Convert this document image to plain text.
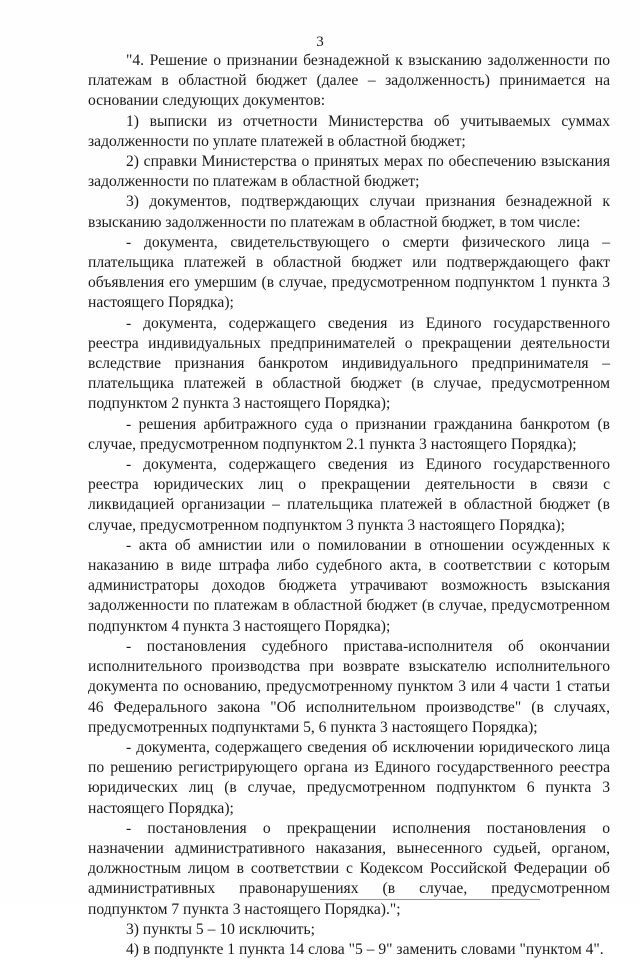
3

"4. Решение о признании безнадежной к взысканию задолженности по платежам в областной бюджет (далее – задолженность) принимается на основании следующих документов:

1) выписки из отчетности Министерства об учитываемых суммах задолженности по уплате платежей в областной бюджет;

2) справки Министерства о принятых мерах по обеспечению взыскания задолженности по платежам в областной бюджет;

3) документов, подтверждающих случаи признания безнадежной к взысканию задолженности по платежам в областной бюджет, в том числе:

- документа, свидетельствующего о смерти физического лица – плательщика платежей в областной бюджет или подтверждающего факт объявления его умершим (в случае, предусмотренном подпунктом 1 пункта 3 настоящего Порядка);

- документа, содержащего сведения из Единого государственного реестра индивидуальных предпринимателей о прекращении деятельности вследствие признания банкротом индивидуального предпринимателя – плательщика платежей в областной бюджет (в случае, предусмотренном подпунктом 2 пункта 3 настоящего Порядка);

- решения арбитражного суда о признании гражданина банкротом (в случае, предусмотренном подпунктом 2.1 пункта 3 настоящего Порядка);

- документа, содержащего сведения из Единого государственного реестра юридических лиц о прекращении деятельности в связи с ликвидацией организации – плательщика платежей в областной бюджет (в случае, предусмотренном подпунктом 3 пункта 3 настоящего Порядка);

- акта об амнистии или о помиловании в отношении осужденных к наказанию в виде штрафа либо судебного акта, в соответствии с которым администраторы доходов бюджета утрачивают возможность взыскания задолженности по платежам в областной бюджет (в случае, предусмотренном подпунктом 4 пункта 3 настоящего Порядка);

- постановления судебного пристава-исполнителя об окончании исполнительного производства при возврате взыскателю исполнительного документа по основанию, предусмотренному пунктом 3 или 4 части 1 статьи 46 Федерального закона "Об исполнительном производстве" (в случаях, предусмотренных подпунктами 5, 6 пункта 3 настоящего Порядка);

- документа, содержащего сведения об исключении юридического лица по решению регистрирующего органа из Единого государственного реестра юридических лиц (в случае, предусмотренном подпунктом 6 пункта 3 настоящего Порядка);

- постановления о прекращении исполнения постановления о назначении административного наказания, вынесенного судьей, органом, должностным лицом в соответствии с Кодексом Российской Федерации об административных правонарушениях (в случае, предусмотренном подпунктом 7 пункта 3 настоящего Порядка).";

3) пункты 5 – 10 исключить;

4) в подпункте 1 пункта 14 слова "5 – 9" заменить словами "пунктом 4".
